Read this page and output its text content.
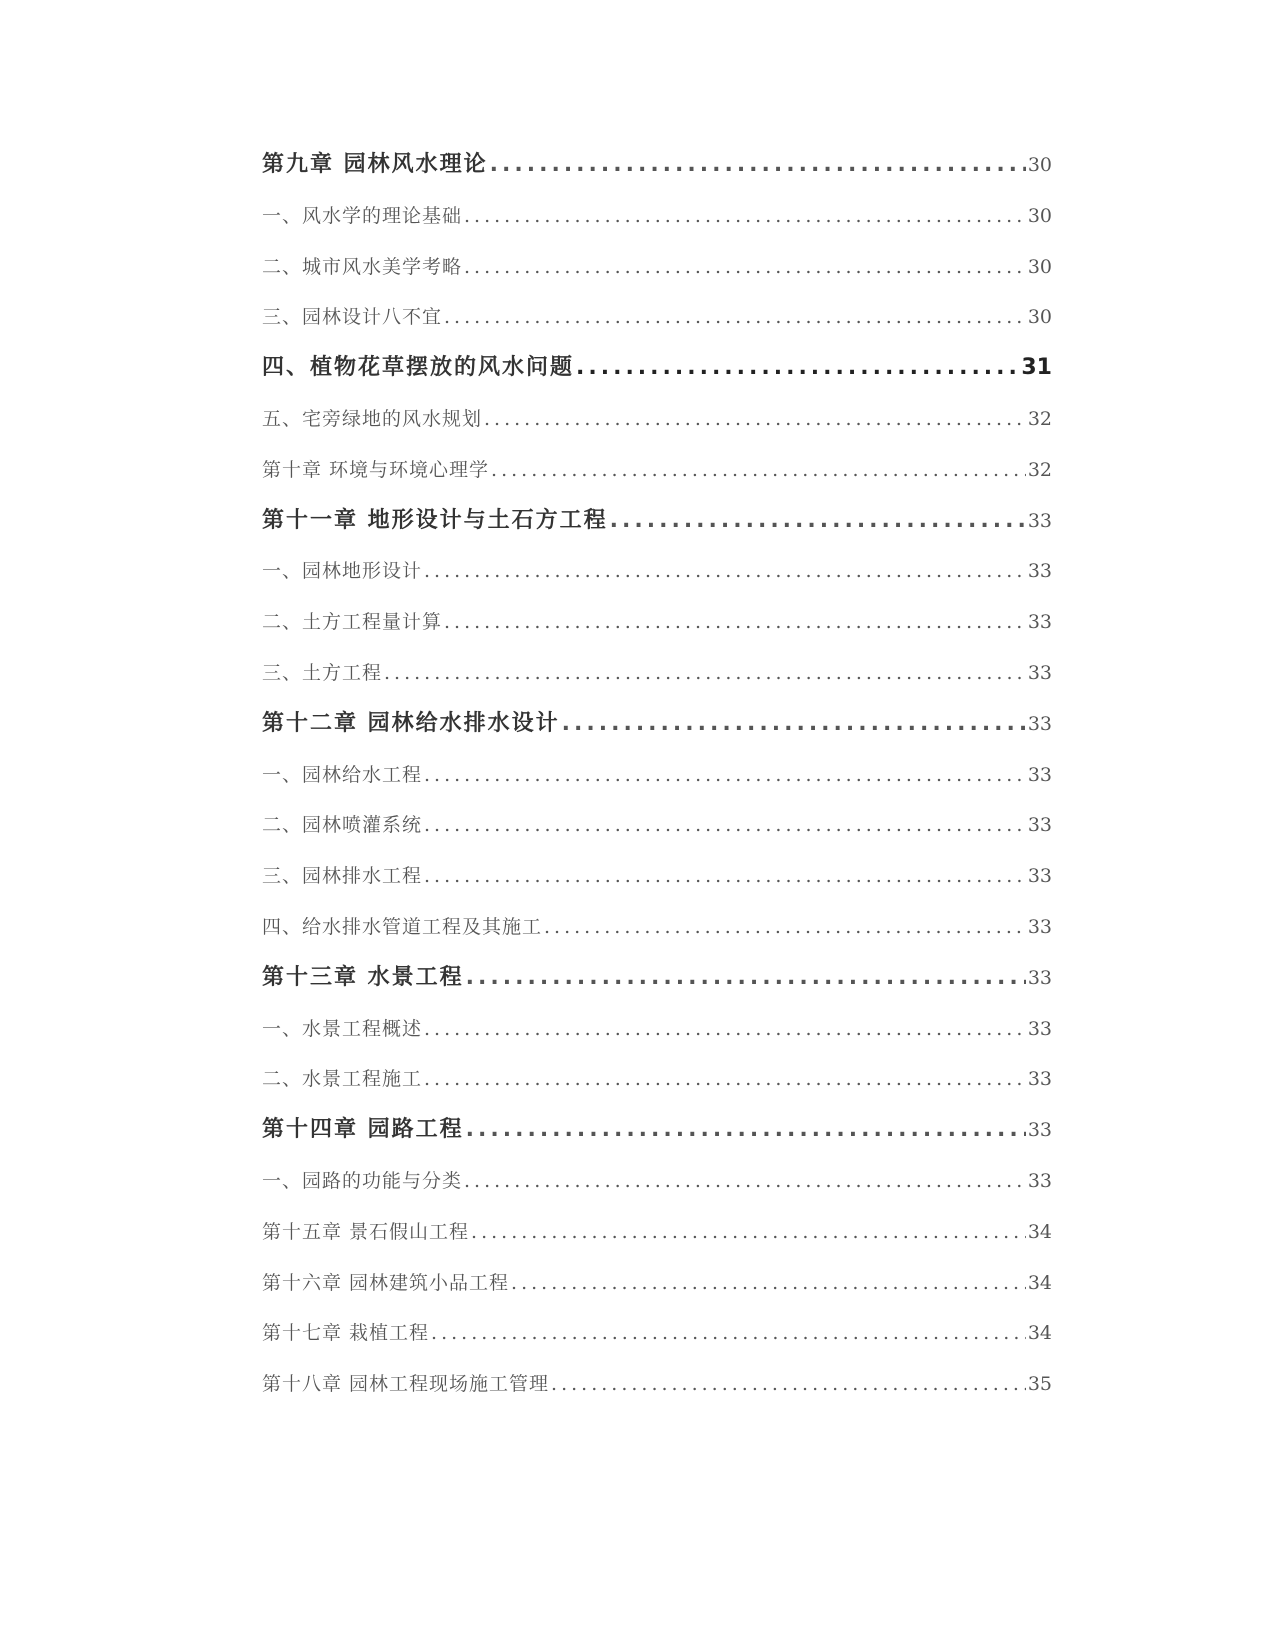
第九章 园林风水理论 .....	30
一、风水学的理论基础 .....	30
二、城市风水美学考略 .....	30
三、园林设计八不宜 .....	30
四、植物花草摆放的风水问题 .....	31
五、宅旁绿地的风水规划 .....	32
第十章 环境与环境心理学 .....	32
第十一章 地形设计与土石方工程 .....	33
一、园林地形设计 .....	33
二、土方工程量计算 .....	33
三、土方工程 .....	33
第十二章 园林给水排水设计 .....	33
一、园林给水工程 .....	33
二、园林喷灌系统 .....	33
三、园林排水工程 .....	33
四、给水排水管道工程及其施工 .....	33
第十三章 水景工程 .....	33
一、水景工程概述 .....	33
二、水景工程施工 .....	33
第十四章 园路工程 .....	33
一、园路的功能与分类 .....	33
第十五章 景石假山工程 .....	34
第十六章 园林建筑小品工程 .....	34
第十七章 栽植工程 .....	34
第十八章 园林工程现场施工管理 .....	35
